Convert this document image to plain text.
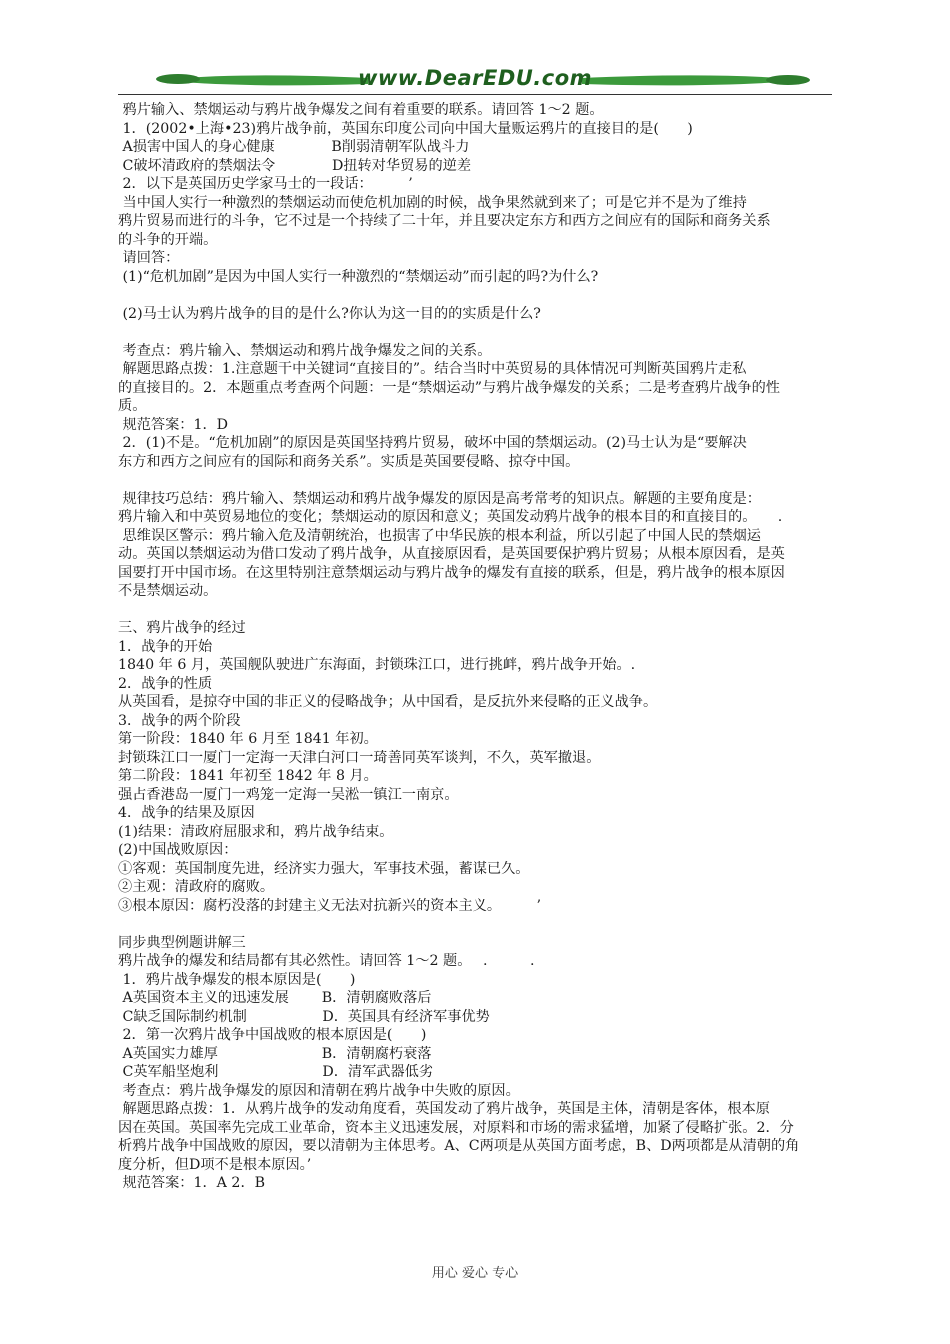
www.DearEDU.com

鸦片输入、禁烟运动与鸦片战争爆发之间有着重要的联系。请回答 1～2 题。

1．(2002•上海•23)鸦片战争前，英国东印度公司向中国大量贩运鸦片的直接目的是(　　)

A损害中国人的身心健康　　　　B削弱清朝军队战斗力

C破坏清政府的禁烟法令　　　　D扭转对华贸易的逆差

2．以下是英国历史学家马士的一段话：　　　’

当中国人实行一种激烈的禁烟运动而使危机加剧的时候，战争果然就到来了；可是它并不是为了维持

鸦片贸易而进行的斗争，它不过是一个持续了二十年，并且要决定东方和西方之间应有的国际和商务关系

的斗争的开端。

请回答：

(1)“危机加剧”是因为中国人实行一种激烈的“禁烟运动”而引起的吗?为什么?

(2)马士认为鸦片战争的目的是什么?你认为这一目的的实质是什么?

考查点：鸦片输入、禁烟运动和鸦片战争爆发之间的关系。

解题思路点拨：1.注意题干中关键词“直接目的”。结合当时中英贸易的具体情况可判断英国鸦片走私

的直接目的。2．本题重点考查两个问题：一是“禁烟运动”与鸦片战争爆发的关系；二是考查鸦片战争的性

质。

规范答案：1．D

2．(1)不是。“危机加剧”的原因是英国坚持鸦片贸易，破坏中国的禁烟运动。(2)马士认为是“要解决

东方和西方之间应有的国际和商务关系”。实质是英国要侵略、掠夺中国。

规律技巧总结：鸦片输入、禁烟运动和鸦片战争爆发的原因是高考常考的知识点。解题的主要角度是：

鸦片输入和中英贸易地位的变化；禁烟运动的原因和意义；英国发动鸦片战争的根本目的和直接目的。　　.

思维误区警示：鸦片输入危及清朝统治，也损害了中华民族的根本利益，所以引起了中国人民的禁烟运

动。英国以禁烟运动为借口发动了鸦片战争，从直接原因看，是英国要保护鸦片贸易；从根本原因看，是英

国要打开中国市场。在这里特别注意禁烟运动与鸦片战争的爆发有直接的联系，但是，鸦片战争的根本原因

不是禁烟运动。

三、鸦片战争的经过

1．战争的开始

1840 年 6 月，英国舰队驶进广东海面，封锁珠江口，进行挑衅，鸦片战争开始。.

2．战争的性质

从英国看，是掠夺中国的非正义的侵略战争；从中国看，是反抗外来侵略的正义战争。

3．战争的两个阶段

第一阶段：1840 年 6 月至 1841 年初。

封锁珠江口一厦门一定海一天津白河口一琦善同英军谈判，不久，英军撤退。

第二阶段：1841 年初至 1842 年 8 月。

强占香港岛一厦门一鸡笼一定海一吴淞一镇江一南京。

4．战争的结果及原因

(1)结果：清政府屈服求和，鸦片战争结束。

(2)中国战败原因：

①客观：英国制度先进，经济实力强大，军事技术强，蓄谋已久。

②主观：清政府的腐败。

③根本原因：腐朽没落的封建主义无法对抗新兴的资本主义。　　　’

同步典型例题讲解三

鸦片战争的爆发和结局都有其必然性。请回答 1～2 题。　 .　　　.

1．鸦片战争爆发的根本原因是(　　)

A英国资本主义的迅速发展　　 B．清朝腐败落后

C缺乏国际制约机制　　　　　 D．英国具有经济军事优势

2．第一次鸦片战争中国战败的根本原因是(　　)

A英国实力雄厚　　　　　　　 B．清朝腐朽衰落

C英军船坚炮利　　　　　　　 D．清军武器低劣

考查点：鸦片战争爆发的原因和清朝在鸦片战争中失败的原因。

解题思路点拨：1．从鸦片战争的发动角度看，英国发动了鸦片战争，英国是主体，清朝是客体，根本原

因在英国。英国率先完成工业革命，资本主义迅速发展，对原料和市场的需求猛增，加紧了侵略扩张。2．分

析鸦片战争中国战败的原因，要以清朝为主体思考。A、C两项是从英国方面考虑，B、D两项都是从清朝的角

度分析，但D项不是根本原因。’

规范答案：1．A 2．B

用心 爱心 专心
